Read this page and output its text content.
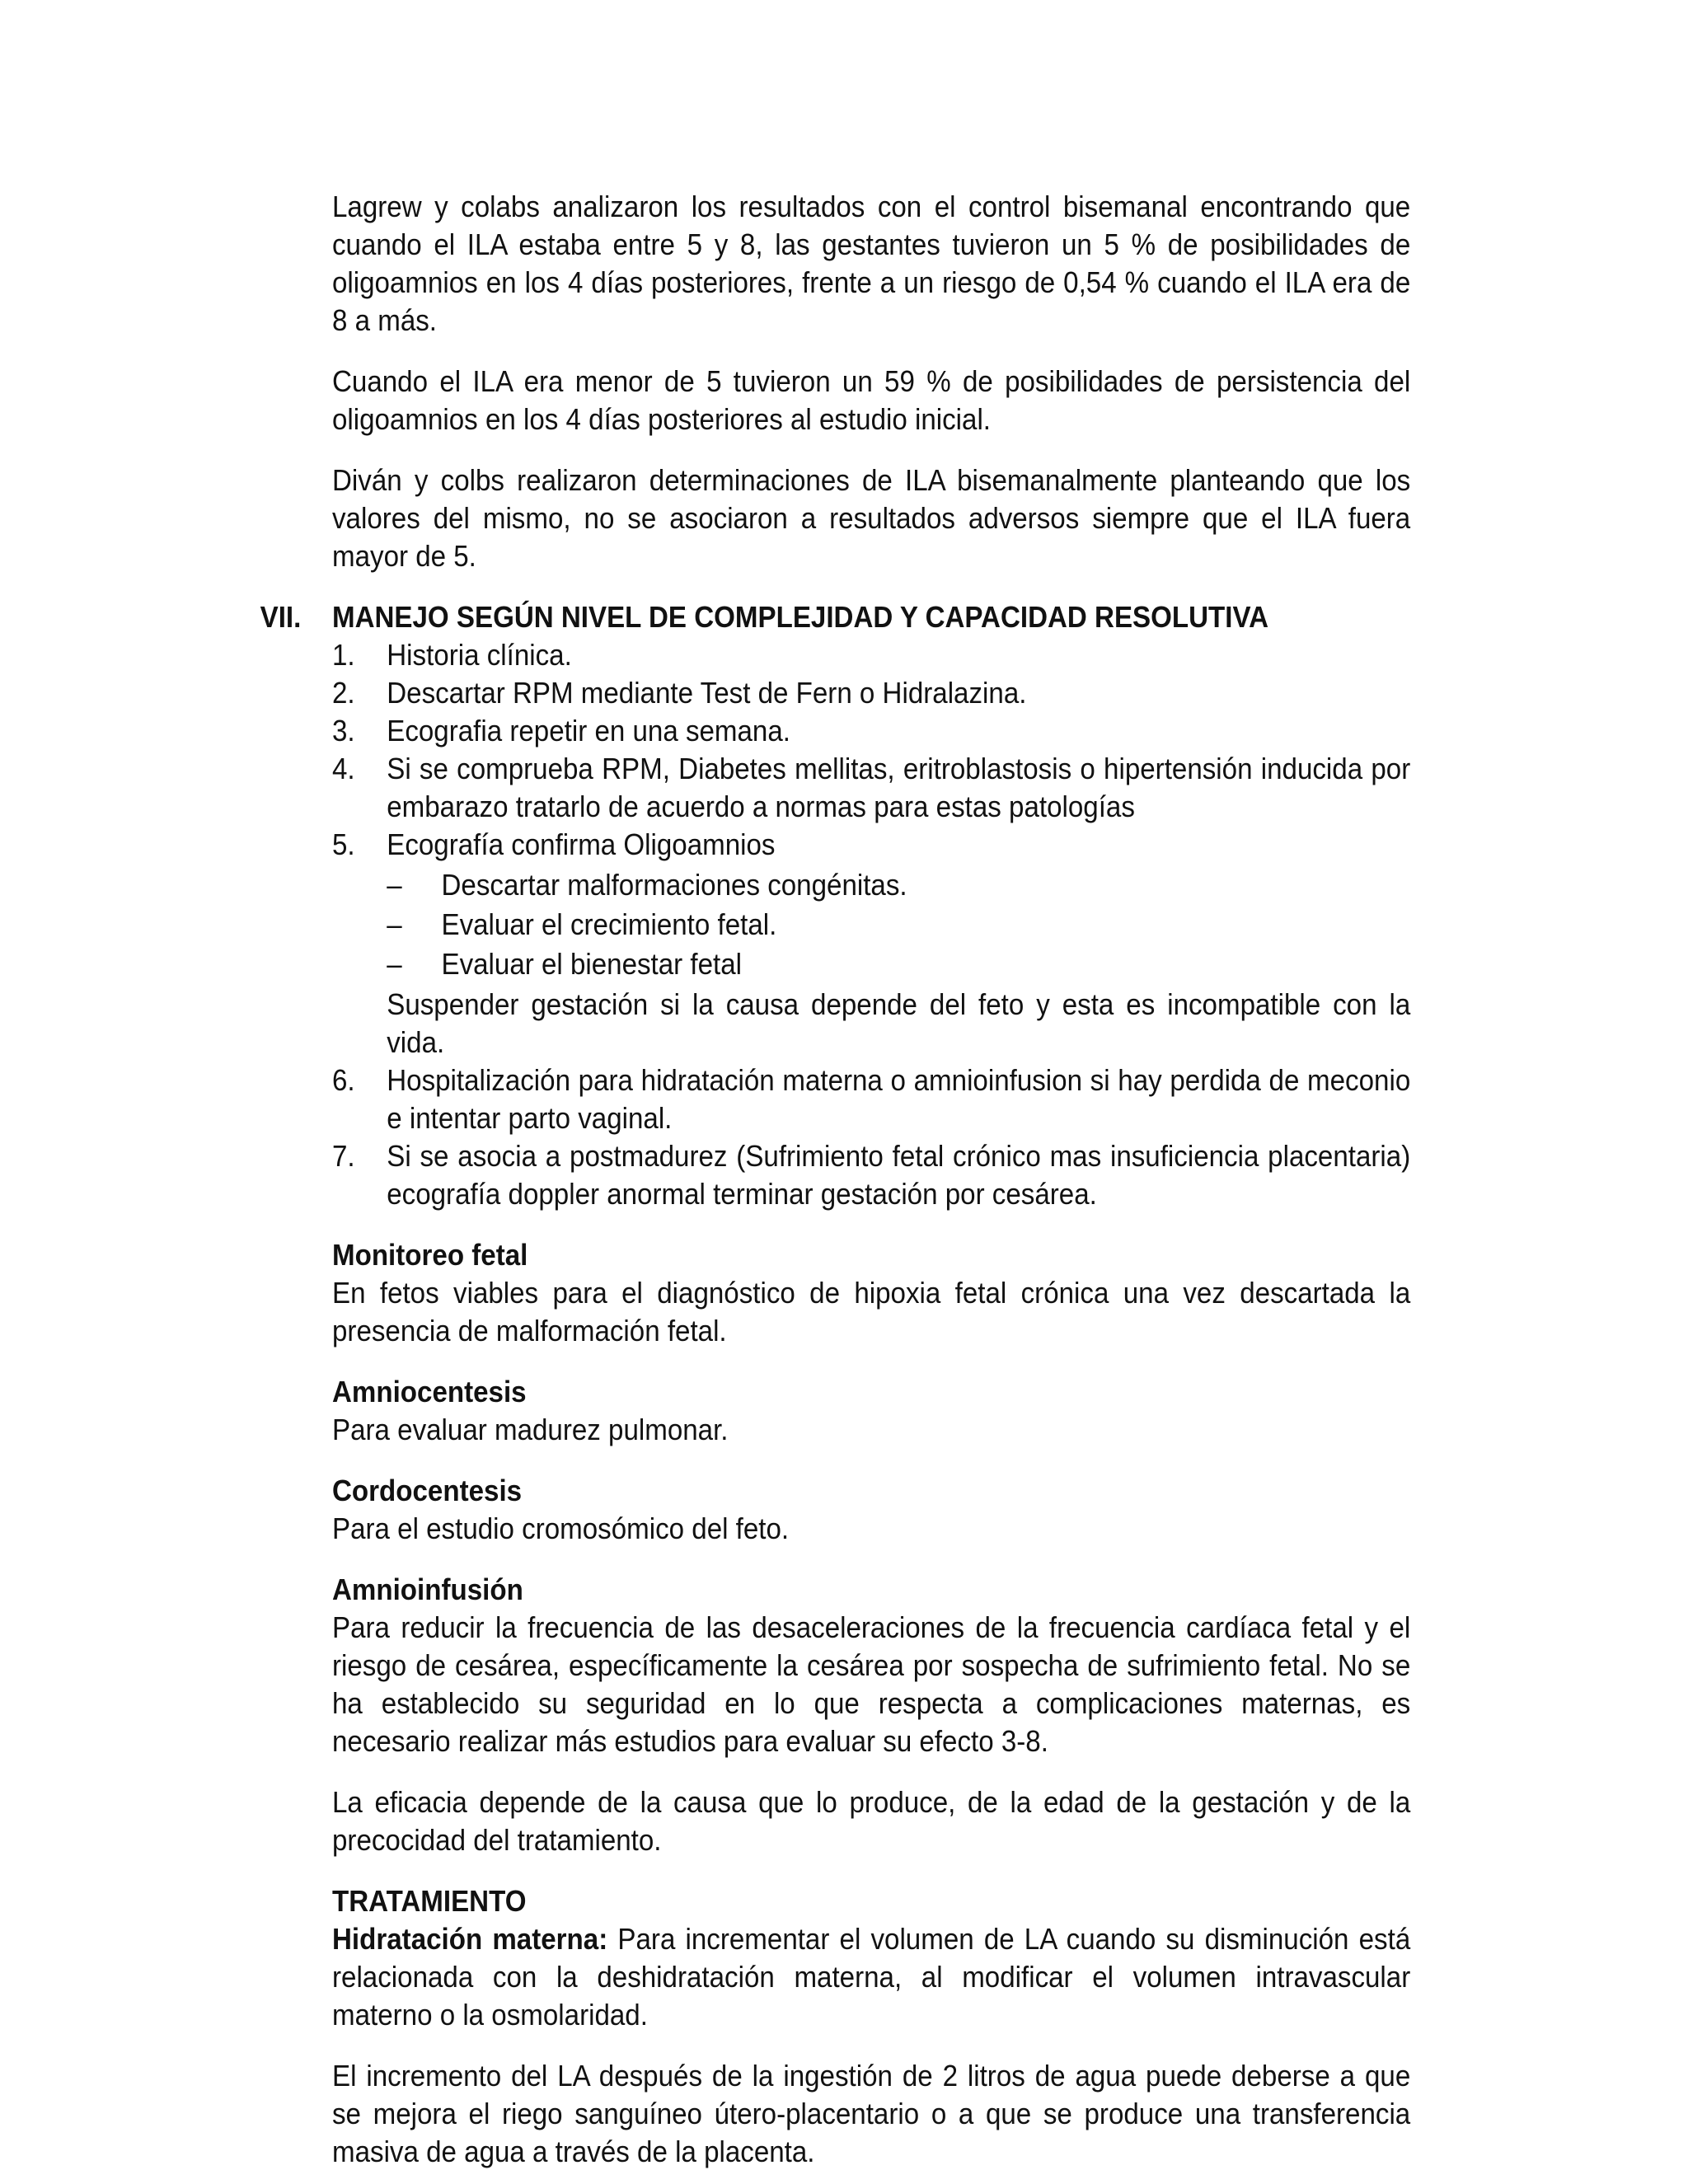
Lagrew y colabs analizaron los resultados con el control bisemanal encontrando que cuando el ILA estaba entre 5 y 8, las gestantes tuvieron un 5 % de posibilidades de oligoamnios en los 4 días posteriores, frente a un riesgo de 0,54 % cuando el ILA era de 8 a más.

Cuando el ILA era menor de 5 tuvieron un 59 % de posibilidades de persistencia del oligoamnios en los 4 días posteriores al estudio inicial.

Diván y colbs realizaron determinaciones de ILA bisemanalmente planteando que los valores del mismo, no se asociaron a resultados adversos siempre que el ILA fuera mayor de 5.

VII. MANEJO SEGÚN NIVEL DE COMPLEJIDAD Y CAPACIDAD RESOLUTIVA

1. Historia clínica.
2. Descartar RPM mediante Test de Fern o Hidralazina.
3. Ecografia repetir en una semana.
4. Si se comprueba RPM, Diabetes mellitas, eritroblastosis o hipertensión inducida por embarazo tratarlo de acuerdo a normas para estas patologías
5. Ecografía confirma Oligoamnios
– Descartar malformaciones congénitas.
– Evaluar el crecimiento fetal.
– Evaluar el bienestar fetal
Suspender gestación si la causa depende del feto y esta es incompatible con la vida.
6. Hospitalización para hidratación materna o amnioinfusion si hay perdida de meconio e intentar parto vaginal.
7. Si se asocia a postmadurez (Sufrimiento fetal crónico mas insuficiencia placentaria) ecografía doppler anormal terminar gestación por cesárea.

Monitoreo fetal

En fetos viables para el diagnóstico de hipoxia fetal crónica una vez descartada la presencia de malformación fetal.

Amniocentesis

Para evaluar madurez pulmonar.

Cordocentesis

Para el estudio cromosómico del feto.

Amnioinfusión

Para reducir la frecuencia de las desaceleraciones de la frecuencia cardíaca fetal y el riesgo de cesárea, específicamente la cesárea por sospecha de sufrimiento fetal. No se ha establecido su seguridad en lo que respecta a complicaciones maternas, es necesario realizar más estudios para evaluar su efecto 3-8.

La eficacia depende de la causa que lo produce, de la edad de la gestación y de la precocidad del tratamiento.

TRATAMIENTO

Hidratación materna: Para incrementar el volumen de LA cuando su disminución está relacionada con la deshidratación materna, al modificar el volumen intravascular materno o la osmolaridad.

El incremento del LA después de la ingestión de 2 litros de agua puede deberse a que se mejora el riego sanguíneo útero-placentario o a que se produce una transferencia masiva de agua a través de la placenta.
